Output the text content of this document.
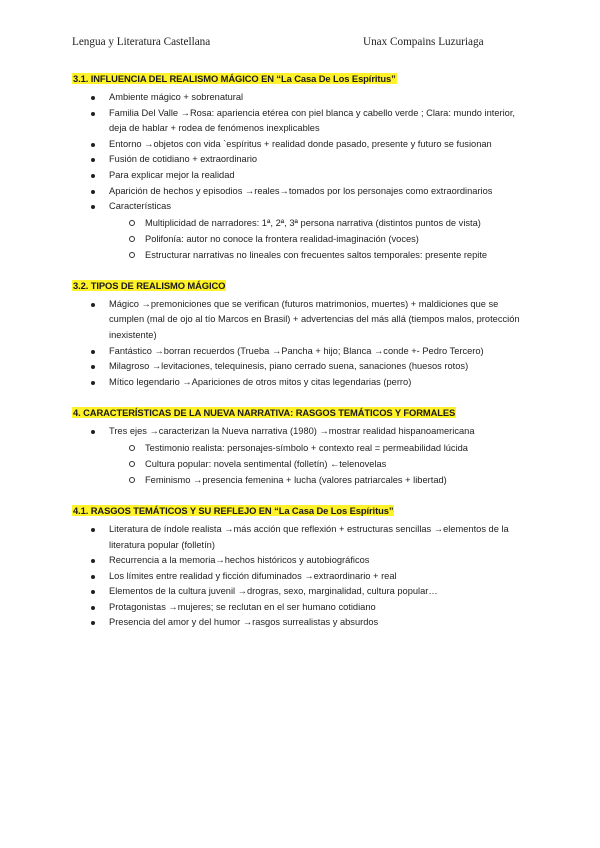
Lengua y Literatura Castellana	Unax Compains Luzuriaga
3.1. INFLUENCIA DEL REALISMO MÁGICO EN “La Casa De Los Espíritus”
Ambiente mágico + sobrenatural
Familia Del Valle →Rosa: apariencia etérea con piel blanca y cabello verde ; Clara: mundo interior, deja de hablar + rodea de fenómenos inexplicables
Entorno →objetos con vida `espíritus + realidad donde pasado, presente y futuro se fusionan
Fusión de cotidiano + extraordinario
Para explicar mejor la realidad
Aparición de hechos y episodios →reales→tomados por los personajes como extraordinarios
Características
Multiplicidad de narradores: 1ª, 2ª, 3ª persona narrativa (distintos puntos de vista)
Polifonía: autor no conoce la frontera realidad-imaginación (voces)
Estructurar narrativas no lineales con frecuentes saltos temporales: presente repite
3.2. TIPOS DE REALISMO MÁGICO
Mágico →premoniciones que se verifican (futuros matrimonios, muertes) + maldiciones que se cumplen (mal de ojo al tío Marcos en Brasil) + advertencias del más allá (tiempos malos, protección inexistente)
Fantástico →borran recuerdos (Trueba →Pancha + hijo; Blanca →conde +- Pedro Tercero)
Milagroso →levitaciones, telequinesis, piano cerrado suena, sanaciones (huesos rotos)
Mítico legendario →Apariciones de otros mitos y citas legendarias (perro)
4. CARACTERÍSTICAS DE LA NUEVA NARRATIVA: RASGOS TEMÁTICOS Y FORMALES
Tres ejes →caracterizan la Nueva narrativa (1980) →mostrar realidad hispanoamericana
Testimonio realista: personajes-símbolo + contexto real = permeabilidad lúcida
Cultura popular: novela sentimental (folletín) ←telenovelas
Feminismo →presencia femenina + lucha (valores patriarcales + libertad)
4.1. RASGOS TEMÁTICOS Y SU REFLEJO EN “La Casa De Los Espíritus”
Literatura de índole realista →más acción que reflexión + estructuras sencillas →elementos de la literatura popular (folletín)
Recurrencia a la memoria→hechos históricos y autobiográficos
Los límites entre realidad y ficción difuminados →extraordinario + real
Elementos de la cultura juvenil →drogras, sexo, marginalidad, cultura popular…
Protagonistas →mujeres; se reclutan en el ser humano cotidiano
Presencia del amor y del humor →rasgos surrealistas y absurdos
